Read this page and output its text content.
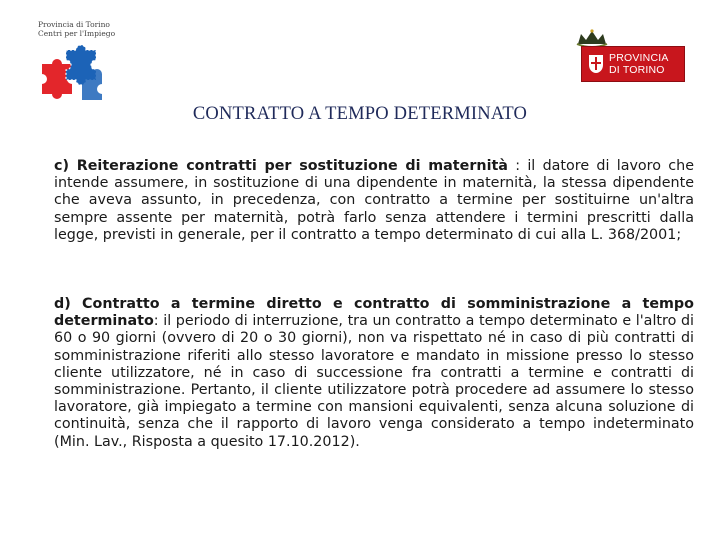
Provincia di Torino
Centri per l'Impiego
PROVINCIA
DI TORINO
CONTRATTO A TEMPO DETERMINATO

c) Reiterazione contratti per sostituzione di maternità : il datore di lavoro che intende assumere, in sostituzione di una dipendente in maternità, la stessa dipendente che aveva assunto, in precedenza, con contratto a termine per sostituirne un'altra sempre assente per maternità, potrà farlo senza attendere i termini prescritti dalla legge, previsti in generale, per il contratto a tempo determinato di cui alla L. 368/2001;

d) Contratto a termine diretto e contratto di somministrazione a tempo determinato: il periodo di interruzione, tra un contratto a tempo determinato e l'altro di 60 o 90 giorni (ovvero di 20 o 30 giorni), non va rispettato né in caso di più contratti di somministrazione riferiti allo stesso lavoratore e mandato in missione presso lo stesso cliente utilizzatore, né in caso di successione fra contratti a termine e contratti di somministrazione. Pertanto, il cliente utilizzatore potrà procedere ad assumere lo stesso lavoratore, già impiegato a termine con mansioni equivalenti, senza alcuna soluzione di continuità, senza che il rapporto di lavoro venga considerato a tempo indeterminato (Min. Lav., Risposta a quesito 17.10.2012).
